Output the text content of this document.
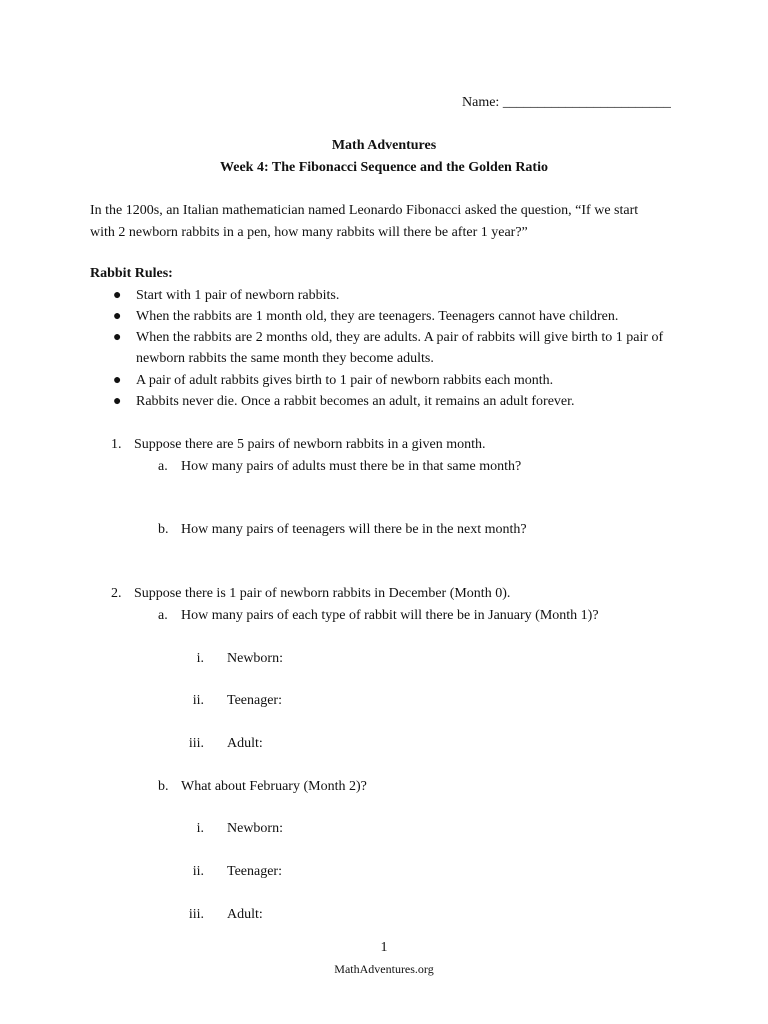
Name: ________________________
Math Adventures
Week 4: The Fibonacci Sequence and the Golden Ratio
In the 1200s, an Italian mathematician named Leonardo Fibonacci asked the question, “If we start
with 2 newborn rabbits in a pen, how many rabbits will there be after 1 year?”
Rabbit Rules:
● Start with 1 pair of newborn rabbits.
● When the rabbits are 1 month old, they are teenagers. Teenagers cannot have children.
● When the rabbits are 2 months old, they are adults. A pair of rabbits will give birth to 1 pair of
newborn rabbits the same month they become adults.
● A pair of adult rabbits gives birth to 1 pair of newborn rabbits each month.
● Rabbits never die. Once a rabbit becomes an adult, it remains an adult forever.
1. Suppose there are 5 pairs of newborn rabbits in a given month.
a. How many pairs of adults must there be in that same month?
b. How many pairs of teenagers will there be in the next month?
2. Suppose there is 1 pair of newborn rabbits in December (Month 0).
a. How many pairs of each type of rabbit will there be in January (Month 1)?
i. Newborn:
ii. Teenager:
iii. Adult:
b. What about February (Month 2)?
i. Newborn:
ii. Teenager:
iii. Adult:
1
MathAdventures.org
